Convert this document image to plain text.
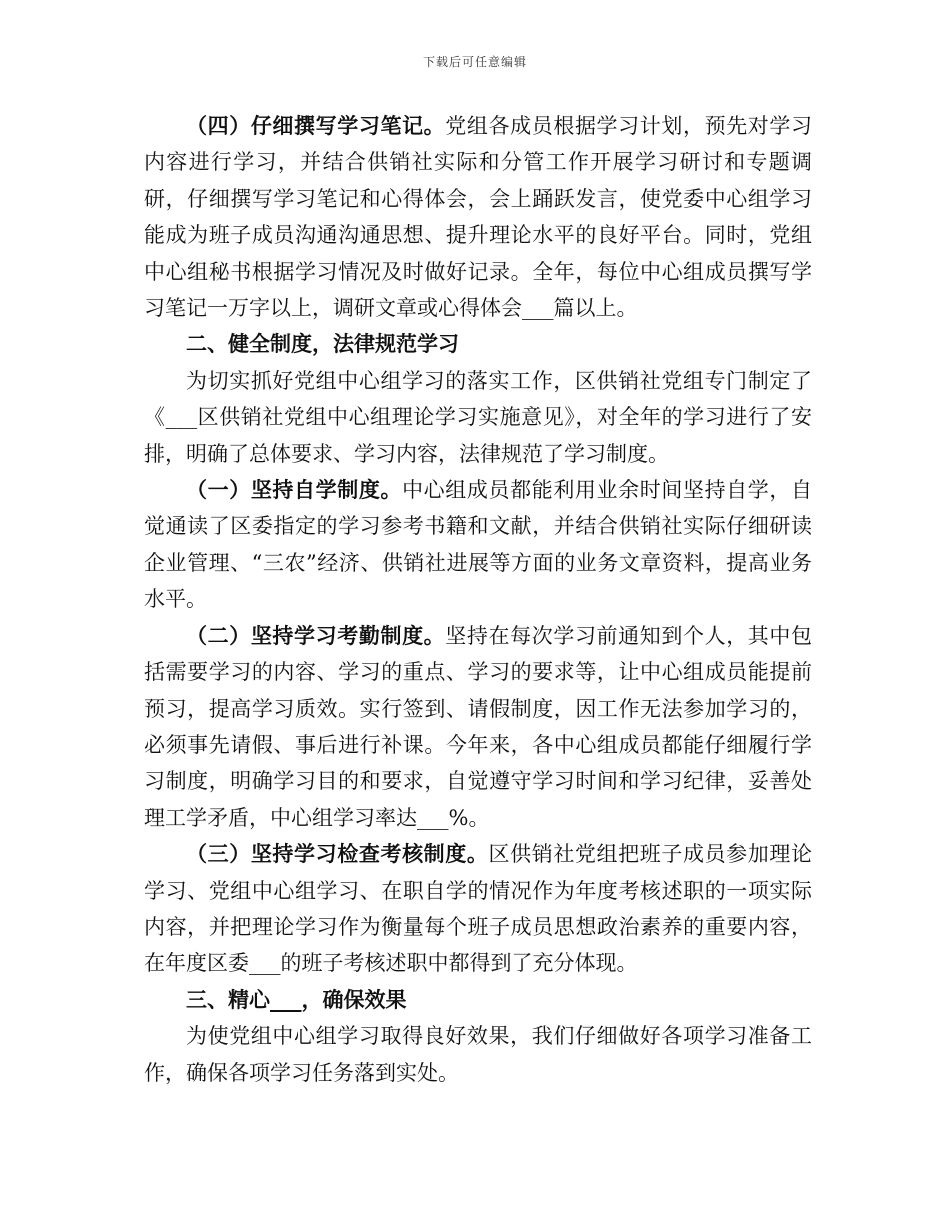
下载后可任意编辑

（四）仔细撰写学习笔记。党组各成员根据学习计划，预先对学习内容进行学习，并结合供销社实际和分管工作开展学习研讨和专题调研，仔细撰写学习笔记和心得体会，会上踊跃发言，使党委中心组学习能成为班子成员沟通沟通思想、提升理论水平的良好平台。同时，党组中心组秘书根据学习情况及时做好记录。全年，每位中心组成员撰写学习笔记一万字以上，调研文章或心得体会___篇以上。

二、健全制度，法律规范学习

为切实抓好党组中心组学习的落实工作，区供销社党组专门制定了《___区供销社党组中心组理论学习实施意见》，对全年的学习进行了安排，明确了总体要求、学习内容，法律规范了学习制度。

（一）坚持自学制度。中心组成员都能利用业余时间坚持自学，自觉通读了区委指定的学习参考书籍和文献，并结合供销社实际仔细研读企业管理、“三农”经济、供销社进展等方面的业务文章资料，提高业务水平。

（二）坚持学习考勤制度。坚持在每次学习前通知到个人，其中包括需要学习的内容、学习的重点、学习的要求等，让中心组成员能提前预习，提高学习质效。实行签到、请假制度，因工作无法参加学习的，必须事先请假、事后进行补课。今年来，各中心组成员都能仔细履行学习制度，明确学习目的和要求，自觉遵守学习时间和学习纪律，妥善处理工学矛盾，中心组学习率达___%。

（三）坚持学习检查考核制度。区供销社党组把班子成员参加理论学习、党组中心组学习、在职自学的情况作为年度考核述职的一项实际内容，并把理论学习作为衡量每个班子成员思想政治素养的重要内容，在年度区委___的班子考核述职中都得到了充分体现。

三、精心___，确保效果

为使党组中心组学习取得良好效果，我们仔细做好各项学习准备工作，确保各项学习任务落到实处。
